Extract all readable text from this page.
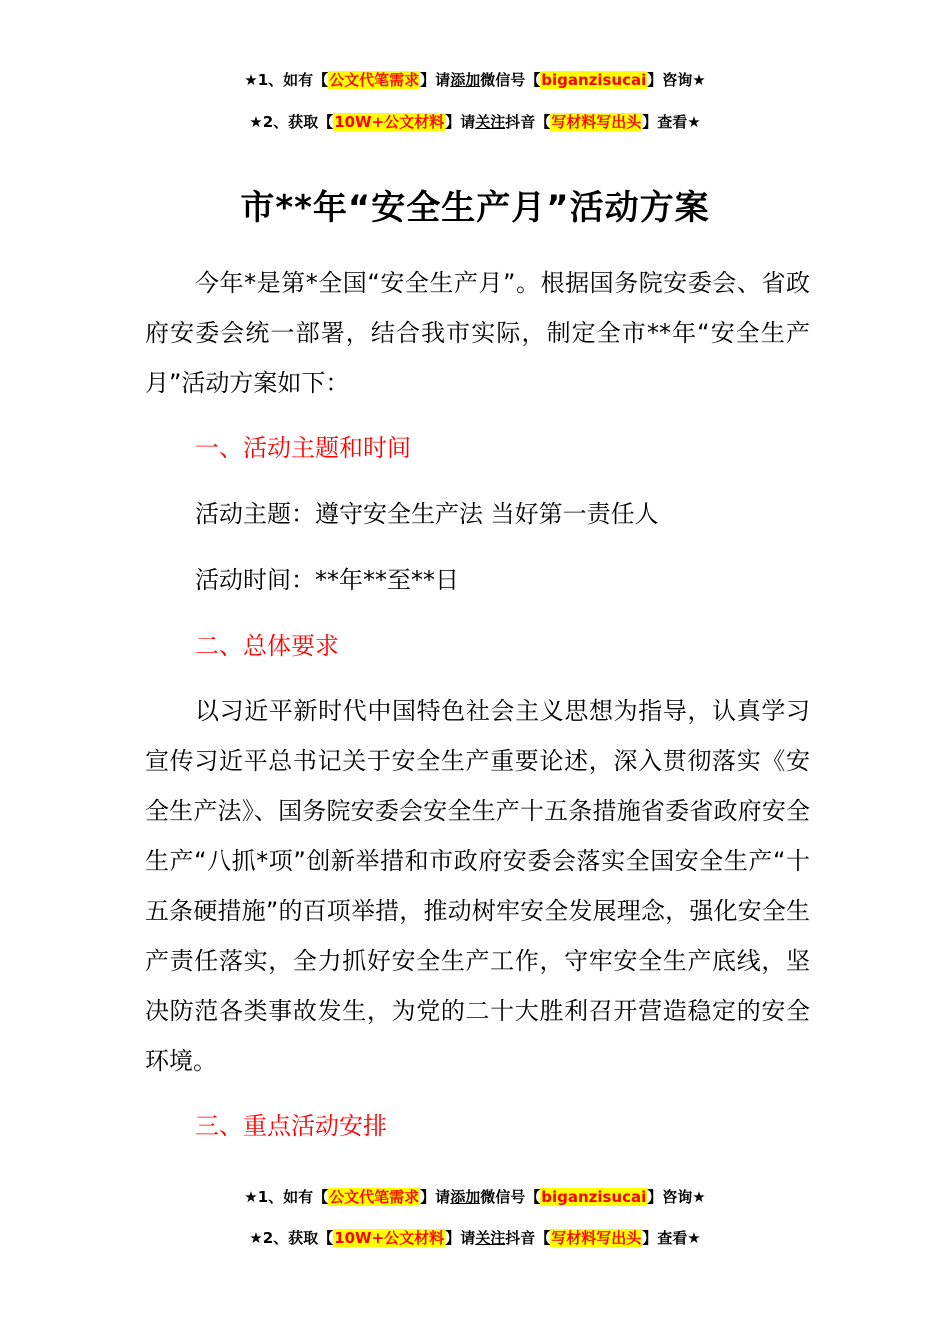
★1、如有【公文代笔需求】请添加微信号【biganzisucai】咨询★
★2、获取【10W+公文材料】请关注抖音【写材料写出头】查看★
市**年“安全生产月”活动方案
今年*是第*全国“安全生产月”。根据国务院安委会、省政府安委会统一部署，结合我市实际，制定全市**年“安全生产月”活动方案如下：
一、活动主题和时间
活动主题：遵守安全生产法 当好第一责任人
活动时间：**年**至**日
二、总体要求
以习近平新时代中国特色社会主义思想为指导，认真学习宣传习近平总书记关于安全生产重要论述，深入贯彻落实《安全生产法》、国务院安委会安全生产十五条措施省委省政府安全生产“八抓*项”创新举措和市政府安委会落实全国安全生产“十五条硬措施”的百项举措，推动树牢安全发展理念，强化安全生产责任落实，全力抓好安全生产工作，守牢安全生产底线，坚决防范各类事故发生，为党的二十大胜利召开营造稳定的安全环境。
三、重点活动安排
★1、如有【公文代笔需求】请添加微信号【biganzisucai】咨询★
★2、获取【10W+公文材料】请关注抖音【写材料写出头】查看★
